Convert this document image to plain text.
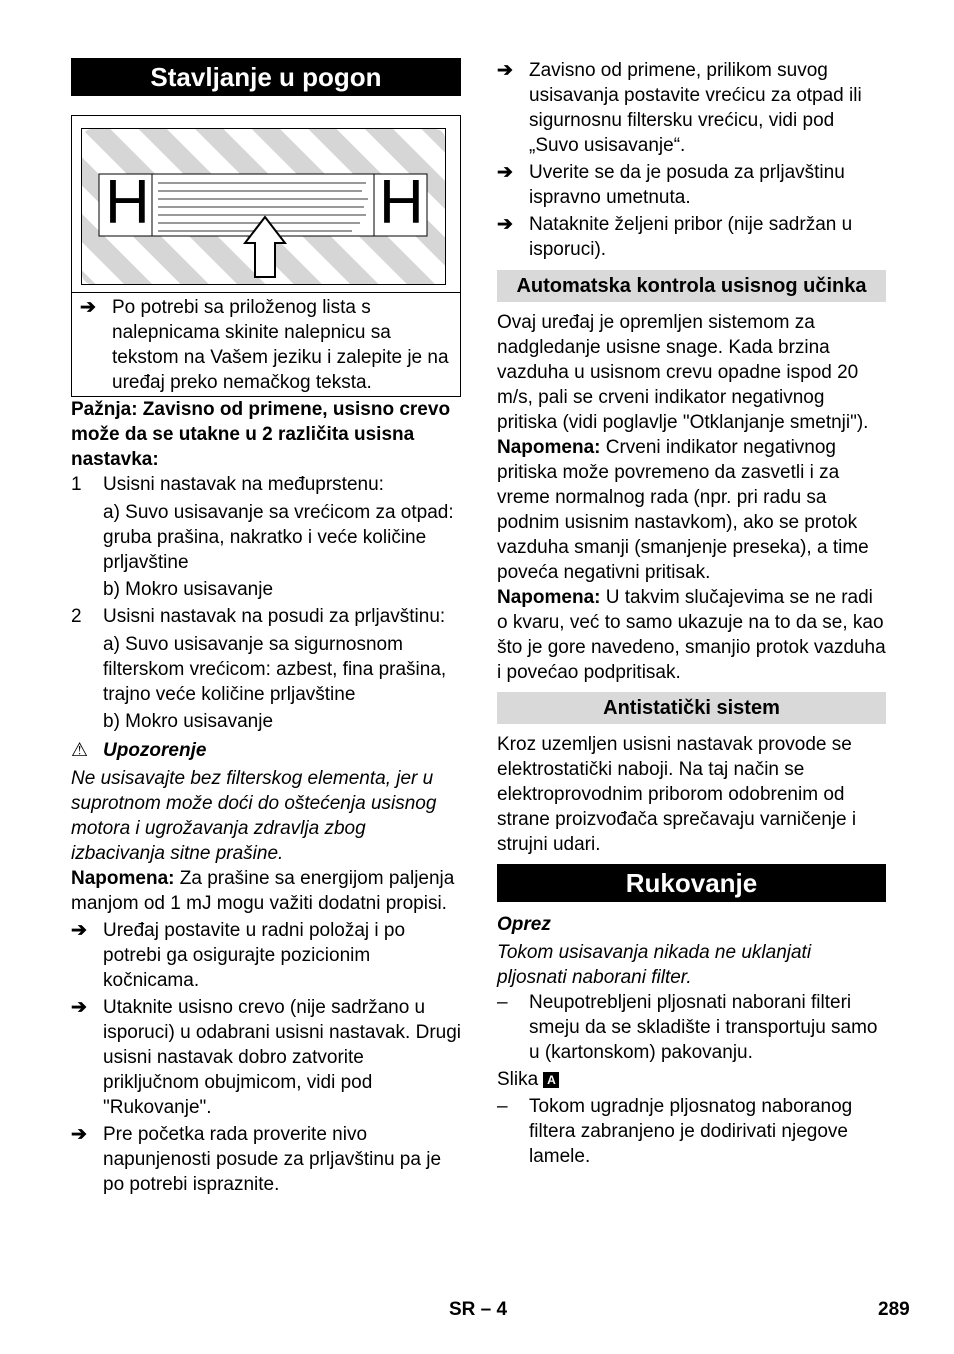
Stavljanje u pogon
H	H
➔ Po potrebi sa priloženog lista s nalepnicama skinite nalepnicu sa tekstom na Vašem jeziku i zalepite je na uređaj preko nemačkog teksta.

Pažnja: Zavisno od primene, usisno crevo može da se utakne u 2 različita usisna nastavka:

1	Usisni nastavak na međuprstenu:

a) Suvo usisavanje sa vrećicom za otpad: gruba prašina, nakratko i veće količine prljavštine

b) Mokro usisavanje

2	Usisni nastavak na posudi za prljavštinu:

a) Suvo usisavanje sa sigurnosnom filterskom vrećicom: azbest, fina prašina, trajno veće količine prljavštine

b) Mokro usisavanje

⚠ Upozorenje

Ne usisavajte bez filterskog elementa, jer u suprotnom može doći do oštećenja usisnog motora i ugrožavanja zdravlja zbog izbacivanja sitne prašine.

Napomena: Za prašine sa energijom paljenja manjom od 1 mJ mogu važiti dodatni propisi.

➔ Uređaj postavite u radni položaj i po potrebi ga osigurajte pozicionim kočnicama.
➔ Utaknite usisno crevo (nije sadržano u isporuci) u odabrani usisni nastavak. Drugi usisni nastavak dobro zatvorite priključnom obujmicom, vidi pod "Rukovanje".
➔ Pre početka rada proverite nivo napunjenosti posude za prljavštinu pa je po potrebi ispraznite.
➔ Zavisno od primene, prilikom suvog usisavanja postavite vrećicu za otpad ili sigurnosnu filtersku vrećicu, vidi pod „Suvo usisavanje“.
➔ Uverite se da je posuda za prljavštinu ispravno umetnuta.
➔ Nataknite željeni pribor (nije sadržan u isporuci).
Automatska kontrola usisnog učinka

Ovaj uređaj je opremljen sistemom za nadgledanje usisne snage. Kada brzina vazduha u usisnom crevu opadne ispod 20 m/s, pali se crveni indikator negativnog pritiska (vidi poglavlje "Otklanjanje smetnji").

Napomena: Crveni indikator negativnog pritiska može povremeno da zasvetli i za vreme normalnog rada (npr. pri radu sa podnim usisnim nastavkom), ako se protok vazduha smanji (smanjenje preseka), a time poveća negativni pritisak.

Napomena: U takvim slučajevima se ne radi o kvaru, već to samo ukazuje na to da se, kao što je gore navedeno, smanjio protok vazduha i povećao podpritisak.

Antistatički sistem

Kroz uzemljen usisni nastavak provode se elektrostatički naboji. Na taj način se elektroprovodnim priborom odobrenim od strane proizvođača sprečavaju varničenje i strujni udari.

Rukovanje

Oprez

Tokom usisavanja nikada ne uklanjati pljosnati naborani filter.

–	Neupotrebljeni pljosnati naborani filteri smeju da se skladište i transportuju samo u (kartonskom) pakovanju.

Slika A

–	Tokom ugradnje pljosnatog naboranog filtera zabranjeno je dodirivati njegove lamele.
SR – 4	289
